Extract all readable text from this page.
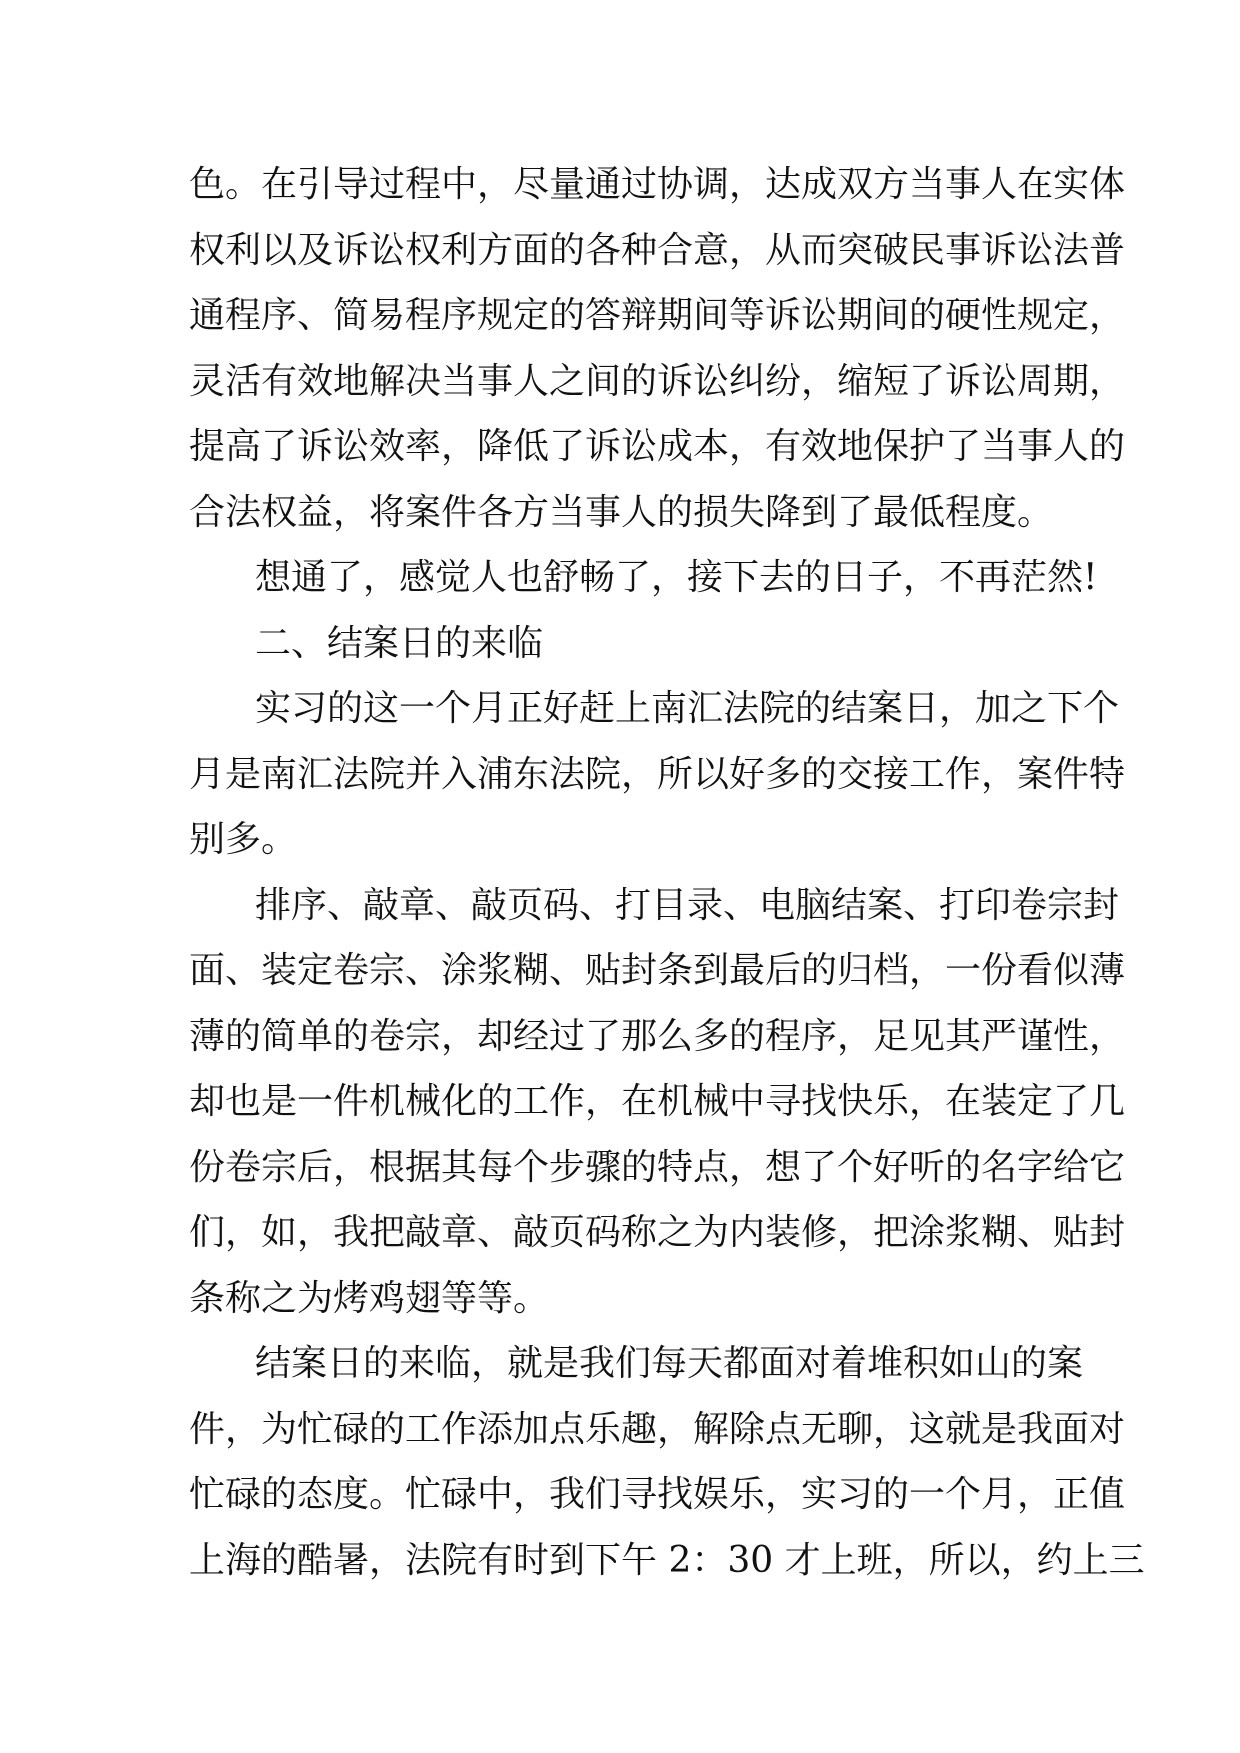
色。在引导过程中，尽量通过协调，达成双方当事人在实体
权利以及诉讼权利方面的各种合意，从而突破民事诉讼法普
通程序、简易程序规定的答辩期间等诉讼期间的硬性规定，
灵活有效地解决当事人之间的诉讼纠纷，缩短了诉讼周期，
提高了诉讼效率，降低了诉讼成本，有效地保护了当事人的
合法权益，将案件各方当事人的损失降到了最低程度。
想通了，感觉人也舒畅了，接下去的日子，不再茫然!
二、结案日的来临
实习的这一个月正好赶上南汇法院的结案日，加之下个
月是南汇法院并入浦东法院，所以好多的交接工作，案件特
别多。
排序、敲章、敲页码、打目录、电脑结案、打印卷宗封
面、装定卷宗、涂浆糊、贴封条到最后的归档，一份看似薄
薄的简单的卷宗，却经过了那么多的程序，足见其严谨性，
却也是一件机械化的工作，在机械中寻找快乐，在装定了几
份卷宗后，根据其每个步骤的特点，想了个好听的名字给它
们，如，我把敲章、敲页码称之为内装修，把涂浆糊、贴封
条称之为烤鸡翅等等。
结案日的来临，就是我们每天都面对着堆积如山的案
件，为忙碌的工作添加点乐趣，解除点无聊，这就是我面对
忙碌的态度。忙碌中，我们寻找娱乐，实习的一个月，正值
上海的酷暑，法院有时到下午 2：30 才上班，所以，约上三
